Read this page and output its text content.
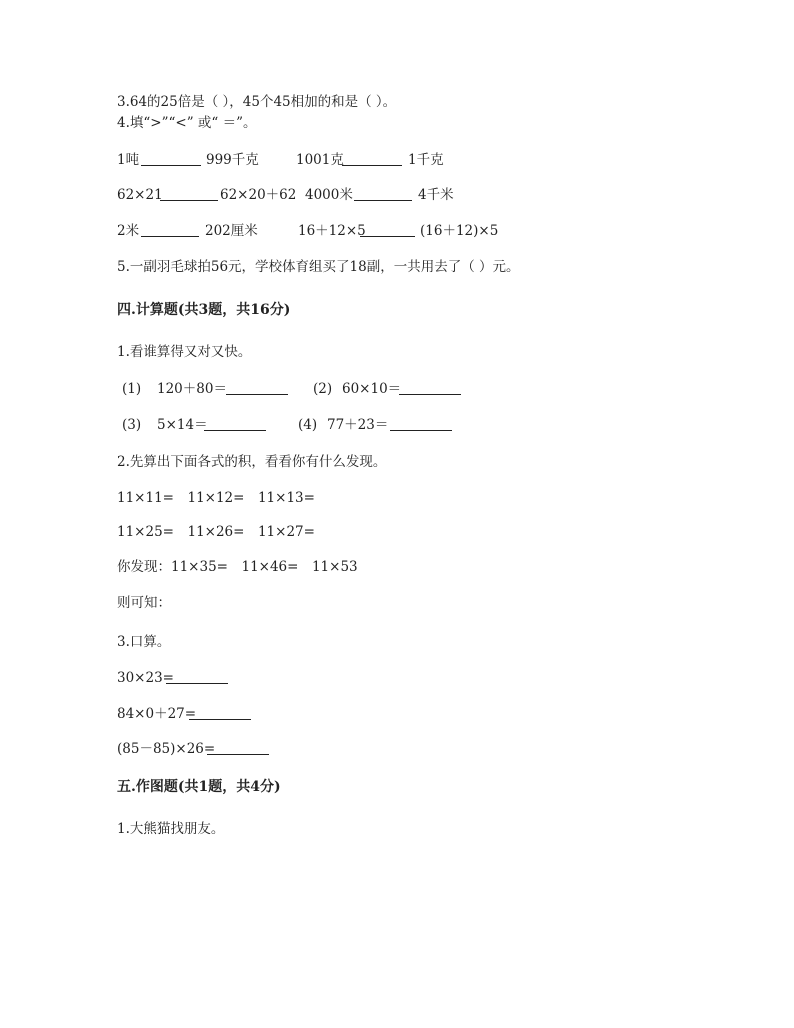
3.64的25倍是（ ），45个45相加的和是（ ）。
4.填“>”“<” 或“ ＝”。
1吨	999千克	1001克	1千克
62×21	62×20＋62 4000米	4千米
2米	202厘米	16＋12×5	(16＋12)×5
5.一副羽毛球拍56元，学校体育组买了18副，一共用去了（ ）元。
四.计算题(共3题，共16分)
1.看谁算得又对又快。
(1) 120＋80＝	(2) 60×10＝
(3) 5×14＝	(4) 77＋23＝
2.先算出下面各式的积，看看你有什么发现。
11×11=　11×12=　11×13=
11×25=　11×26=　11×27=
你发现：11×35=　11×46=　11×53
则可知：
3.口算。
30×23=
84×0＋27=
(85－85)×26=
五.作图题(共1题，共4分)
1.大熊猫找朋友。
